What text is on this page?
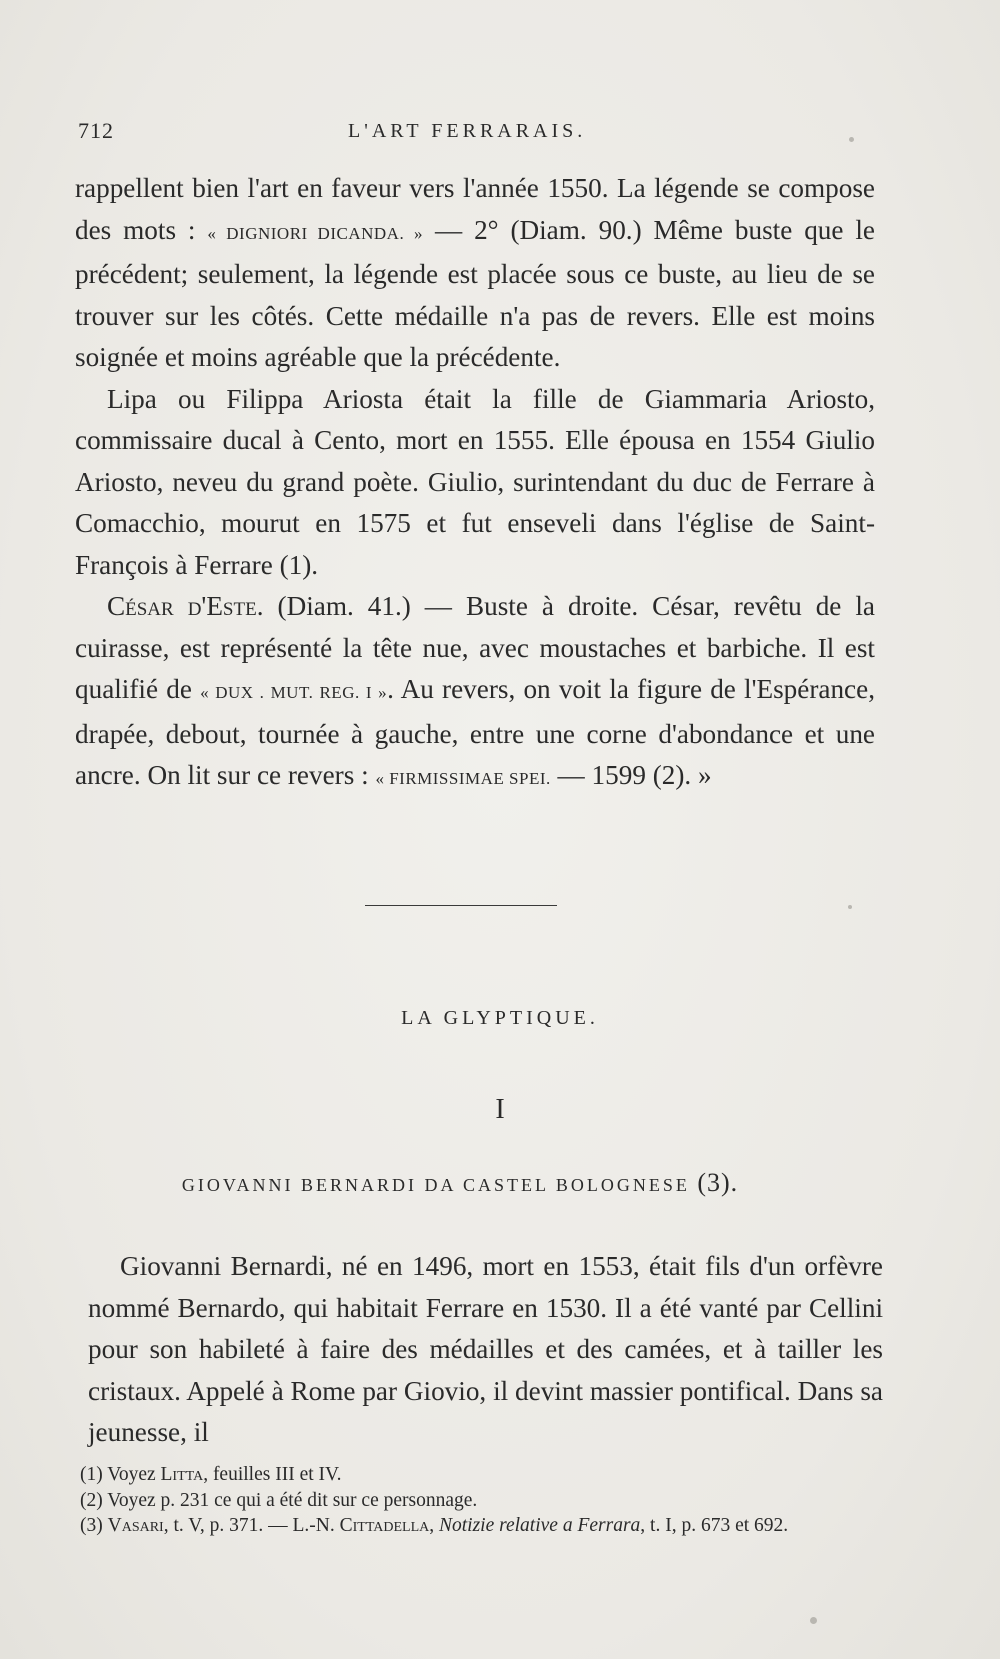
712	L'ART FERRARAIS.

rappellent bien l'art en faveur vers l'année 1550. La légende se compose des mots : « DIGNIORI DICANDA. » — 2° (Diam. 90.) Même buste que le précédent; seulement, la légende est placée sous ce buste, au lieu de se trouver sur les côtés. Cette médaille n'a pas de revers. Elle est moins soignée et moins agréable que la précédente.

Lipa ou Filippa Ariosta était la fille de Giammaria Ariosto, commissaire ducal à Cento, mort en 1555. Elle épousa en 1554 Giulio Ariosto, neveu du grand poète. Giulio, surintendant du duc de Ferrare à Comacchio, mourut en 1575 et fut enseveli dans l'église de Saint-François à Ferrare (1).

César d'Este. (Diam. 41.) — Buste à droite. César, revêtu de la cuirasse, est représenté la tête nue, avec moustaches et barbiche. Il est qualifié de « DUX . MUT. REG. I ». Au revers, on voit la figure de l'Espérance, drapée, debout, tournée à gauche, entre une corne d'abondance et une ancre. On lit sur ce revers : « FIRMISSIMAE SPEI. — 1599 (2). »

LA GLYPTIQUE.
I
GIOVANNI BERNARDI DA CASTEL BOLOGNESE (3).

Giovanni Bernardi, né en 1496, mort en 1553, était fils d'un orfèvre nommé Bernardo, qui habitait Ferrare en 1530. Il a été vanté par Cellini pour son habileté à faire des médailles et des camées, et à tailler les cristaux. Appelé à Rome par Giovio, il devint massier pontifical. Dans sa jeunesse, il

(1) Voyez Litta, feuilles III et IV.

(2) Voyez p. 231 ce qui a été dit sur ce personnage.

(3) Vasari, t. V, p. 371. — L.-N. Cittadella, Notizie relative a Ferrara, t. I, p. 673 et 692.
